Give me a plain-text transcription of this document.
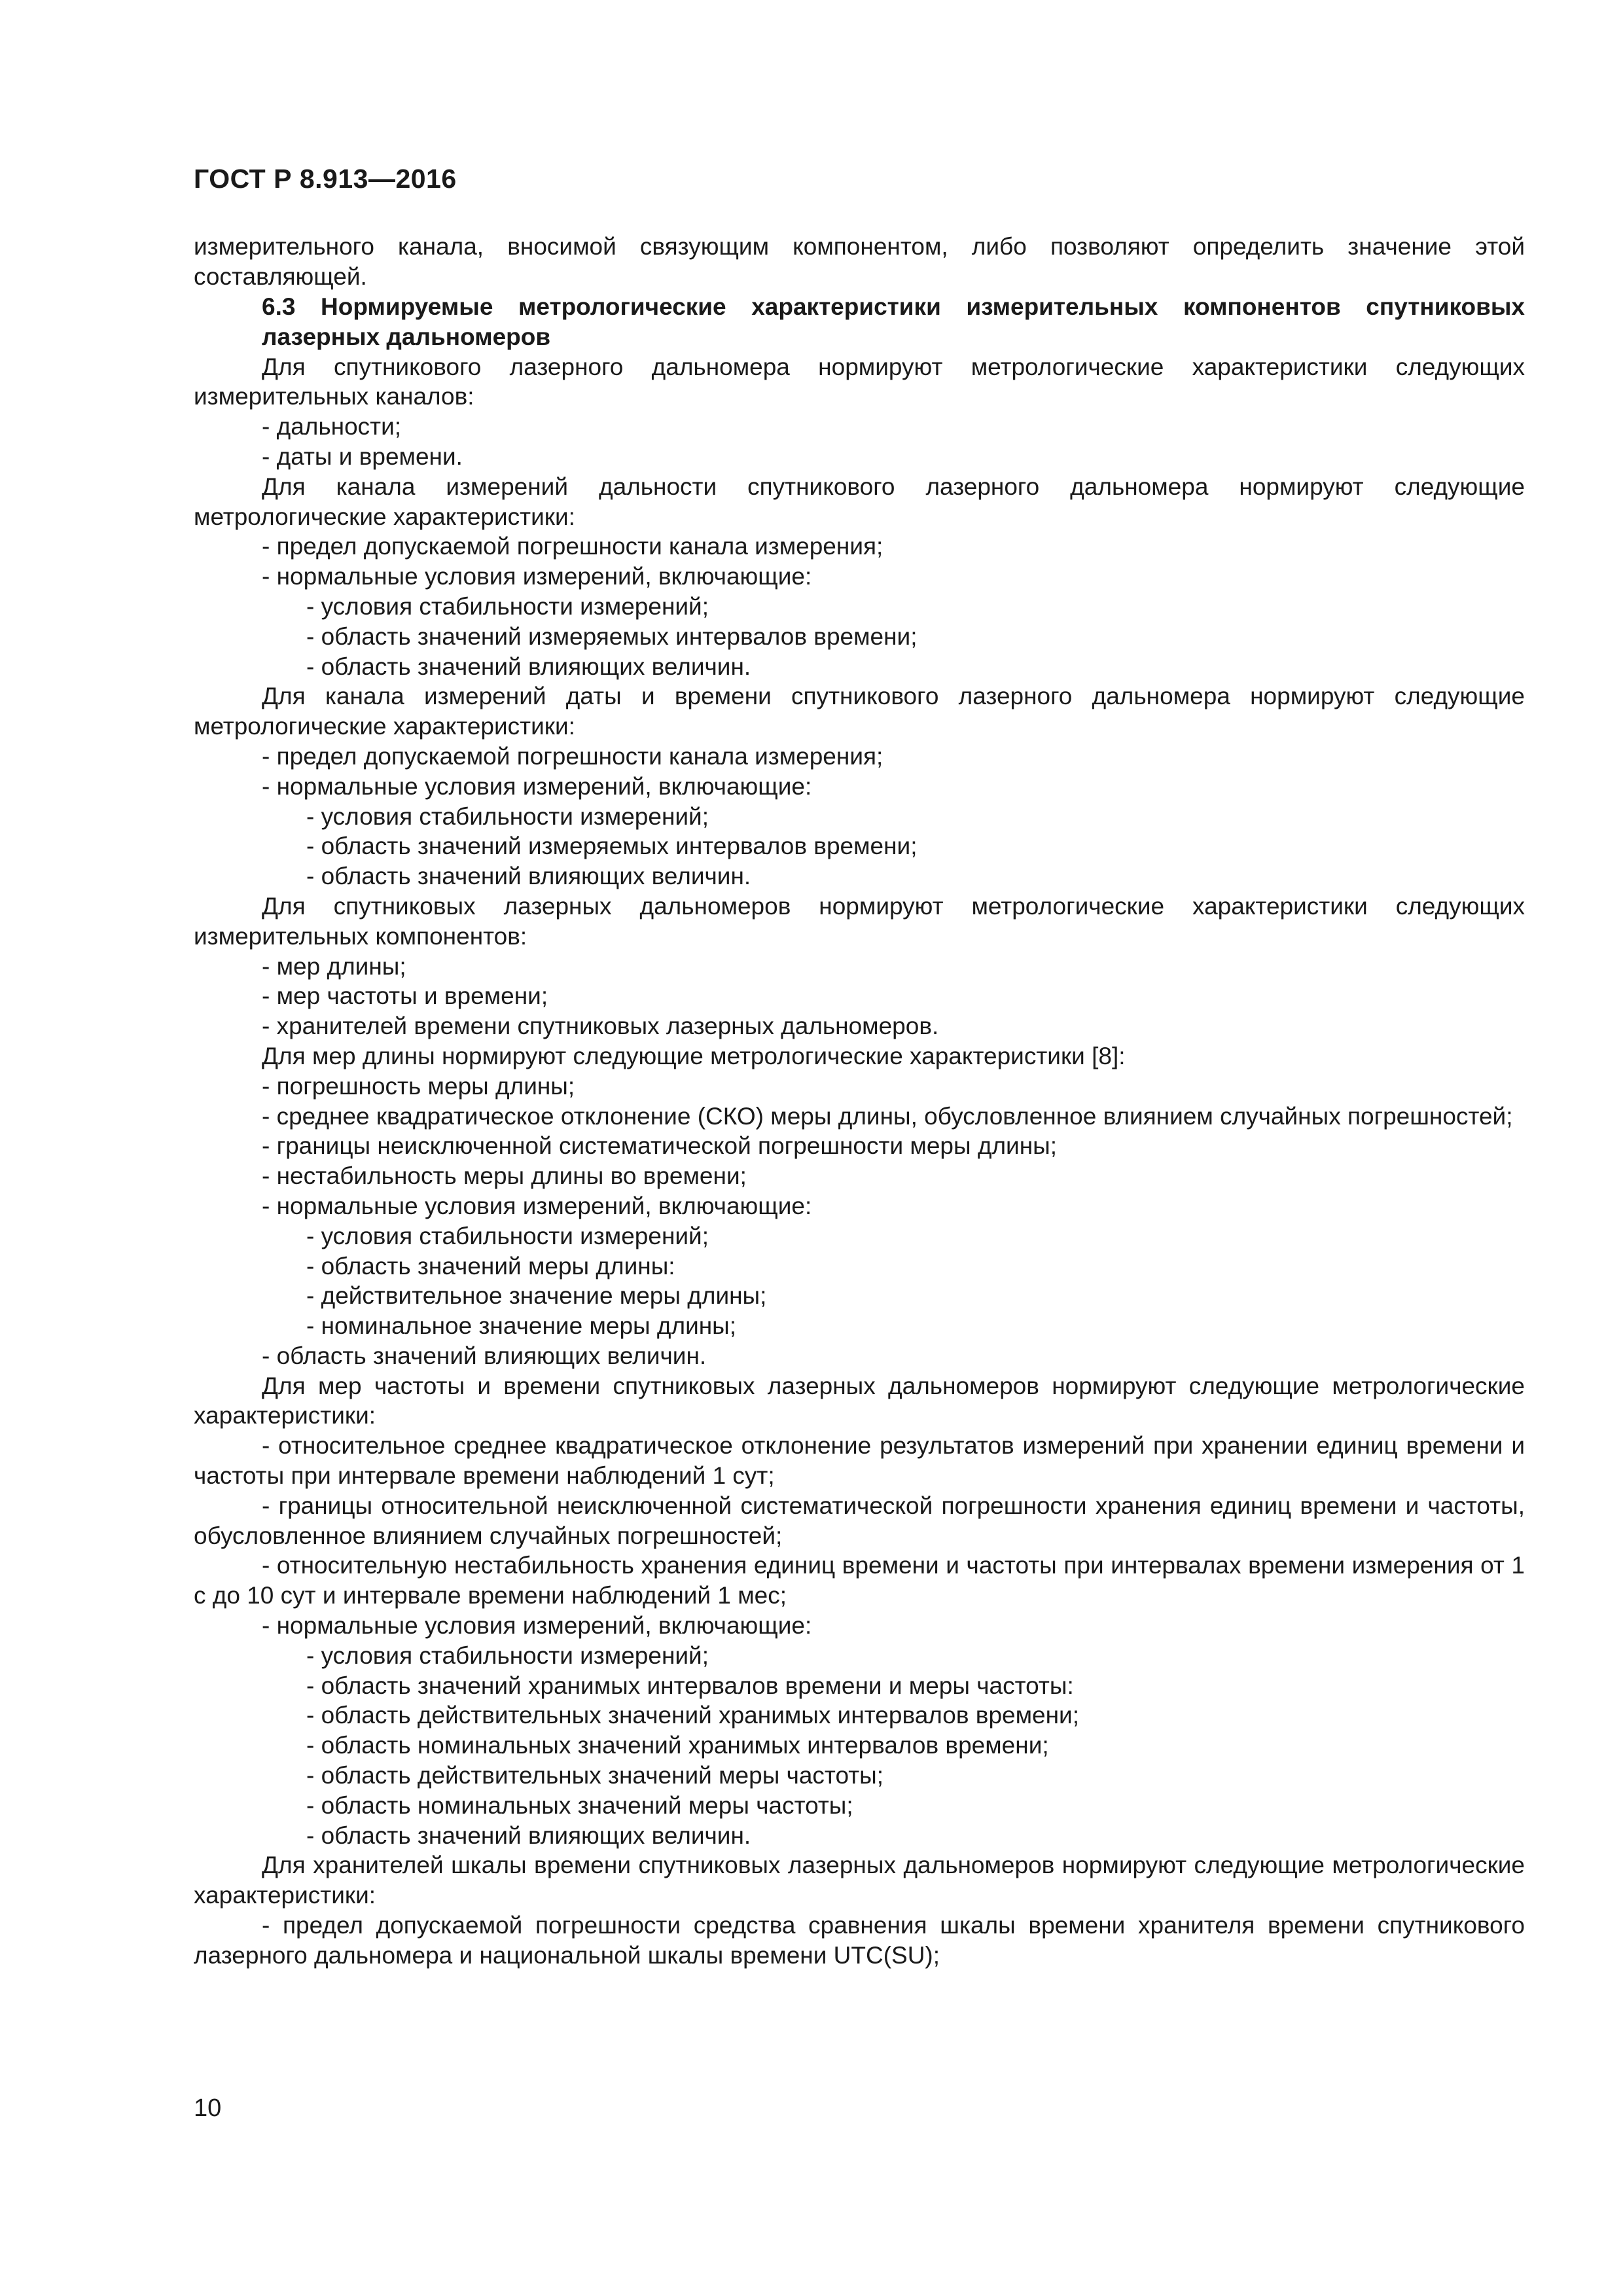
ГОСТ Р 8.913—2016

измерительного канала, вносимой связующим компонентом, либо позволяют определить значение этой составляющей.

6.3 Нормируемые метрологические характеристики измерительных компонентов спутниковых лазерных дальномеров

Для спутникового лазерного дальномера нормируют метрологические характеристики следующих измерительных каналов:

- дальности;

- даты и времени.

Для канала измерений дальности спутникового лазерного дальномера нормируют следующие метрологические характеристики:

- предел допускаемой погрешности канала измерения;

- нормальные условия измерений, включающие:

- условия стабильности измерений;

- область значений измеряемых интервалов времени;

- область значений влияющих величин.

Для канала измерений даты и времени спутникового лазерного дальномера нормируют следующие метрологические характеристики:

- предел допускаемой погрешности канала измерения;

- нормальные условия измерений, включающие:

- условия стабильности измерений;

- область значений измеряемых интервалов времени;

- область значений влияющих величин.

Для спутниковых лазерных дальномеров нормируют метрологические характеристики следующих измерительных компонентов:

- мер длины;

- мер частоты и времени;

- хранителей времени спутниковых лазерных дальномеров.

Для мер длины нормируют следующие метрологические характеристики [8]:

- погрешность меры длины;

- среднее квадратическое отклонение (СКО) меры длины, обусловленное влиянием случайных погрешностей;

- границы неисключенной систематической погрешности меры длины;

- нестабильность меры длины во времени;

- нормальные условия измерений, включающие:

- условия стабильности измерений;

- область значений меры длины:

- действительное значение меры длины;

- номинальное значение меры длины;

- область значений влияющих величин.

Для мер частоты и времени спутниковых лазерных дальномеров нормируют следующие метрологические характеристики:

- относительное среднее квадратическое отклонение результатов измерений при хранении единиц времени и частоты при интервале времени наблюдений 1 сут;

- границы относительной неисключенной систематической погрешности хранения единиц времени и частоты, обусловленное влиянием случайных погрешностей;

- относительную нестабильность хранения единиц времени и частоты при интервалах времени измерения от 1 с до 10 сут и интервале времени наблюдений 1 мес;

- нормальные условия измерений, включающие:

- условия стабильности измерений;

- область значений хранимых интервалов времени и меры частоты:

- область действительных значений хранимых интервалов времени;

- область номинальных значений хранимых интервалов времени;

- область действительных значений меры частоты;

- область номинальных значений меры частоты;

- область значений влияющих величин.

Для хранителей шкалы времени спутниковых лазерных дальномеров нормируют следующие метрологические характеристики:

- предел допускаемой погрешности средства сравнения шкалы времени хранителя времени спутникового лазерного дальномера и национальной шкалы времени UTC(SU);

10
